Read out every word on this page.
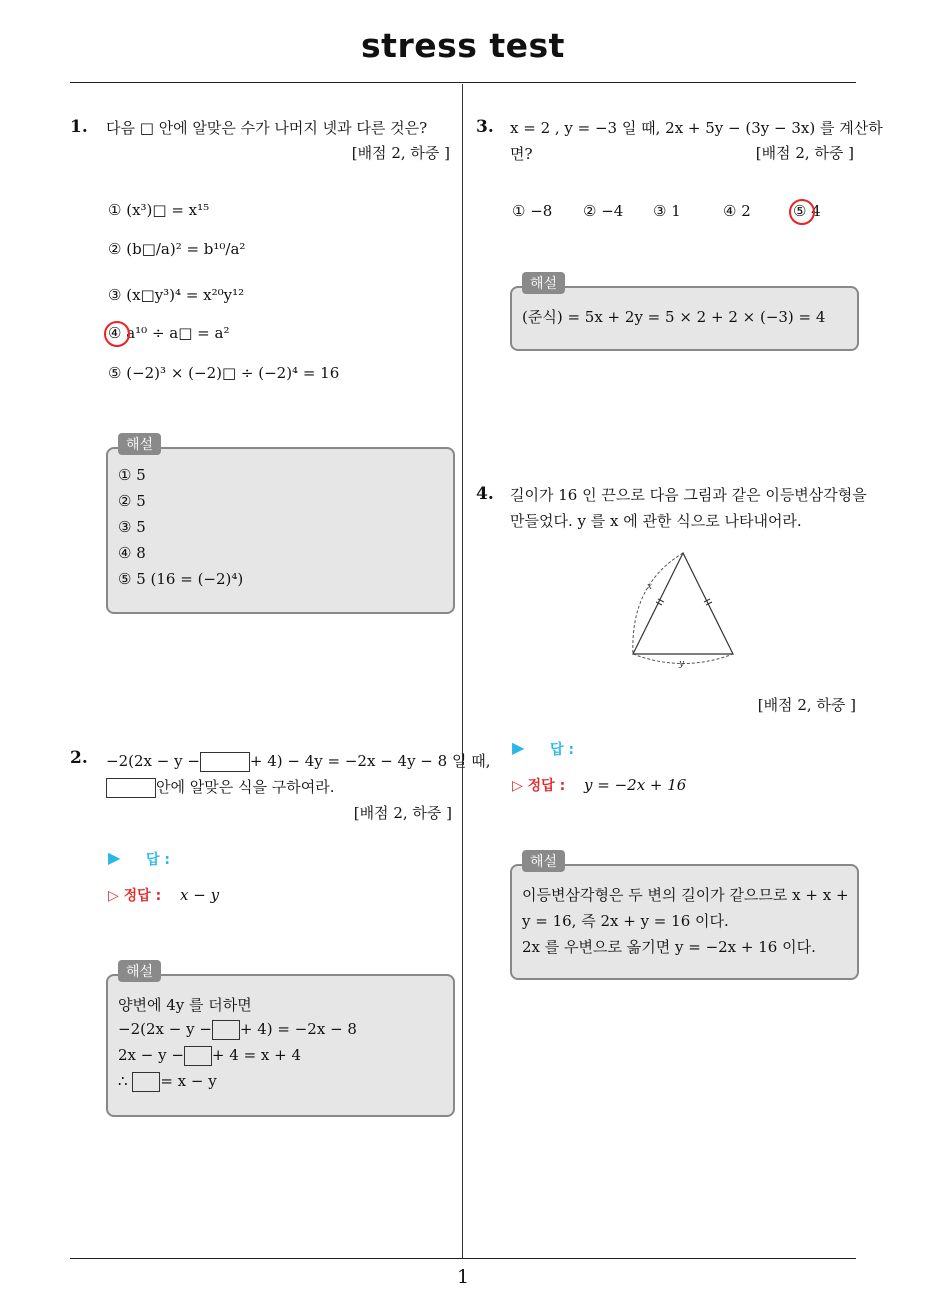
stress test
1
1. 다음 □ 안에 알맞은 수가 나머지 넷과 다른 것은?
[배점 2, 하중 ]
① (x³)□ = x¹⁵
② (b□/a)² = b¹⁰/a²
③ (x□y³)⁴ = x²⁰y¹²
④ a¹⁰ ÷ a□ = a²
⑤ (−2)³ × (−2)□ ÷ (−2)⁴ = 16
해설
① 5
② 5
③ 5
④ 8
⑤ 5 (16 = (−2)⁴)
2. −2(2x − y −	+ 4) − 4y = −2x − 4y − 8 일 때,
안에 알맞은 식을 구하여라.
[배점 2, 하중 ]
▶ 답 :
▷ 정답 : x − y
해설
양변에 4y 를 더하면
−2(2x − y − + 4) = −2x − 8
2x − y − + 4 = x + 4
∴ = x − y
3. x = 2 , y = −3 일 때, 2x + 5y − (3y − 3x) 를 계산하
면?	[배점 2, 하중 ]
① −8 ② −4 ③ 1	④ 2	⑤ 4
해설
(준식) = 5x + 2y = 5 × 2 + 2 × (−3) = 4
4. 길이가 16 인 끈으로 다음 그림과 같은 이등변삼각형을
만들었다. y 를 x 에 관한 식으로 나타내어라.
x
y
[배점 2, 하중 ]
▶ 답 :
▷ 정답 : y = −2x + 16
해설
이등변삼각형은 두 변의 길이가 같으므로 x + x +
y = 16, 즉 2x + y = 16 이다.
2x 를 우변으로 옮기면 y = −2x + 16 이다.
